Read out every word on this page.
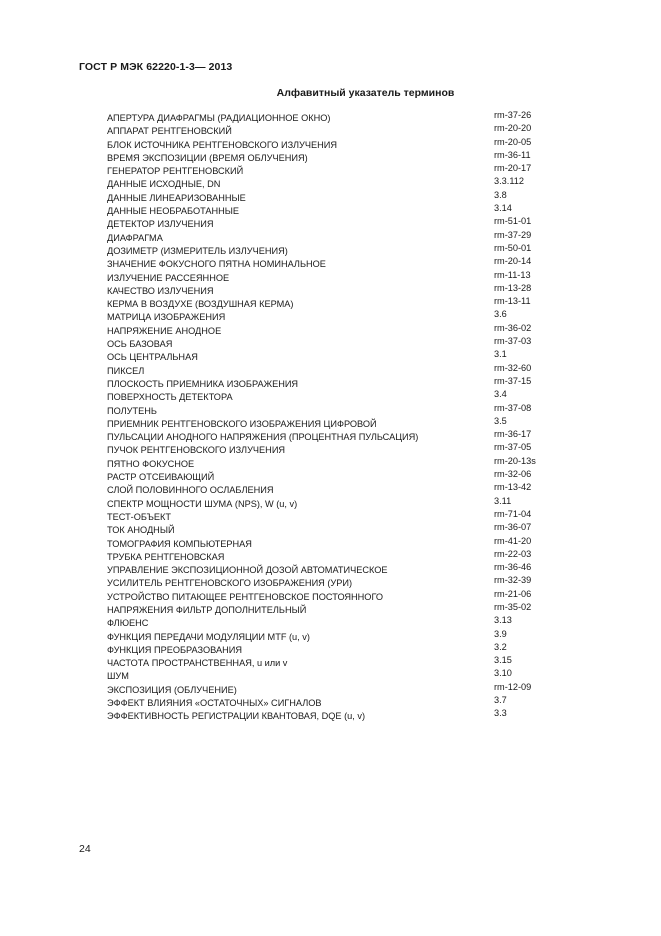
ГОСТ Р МЭК 62220-1-3— 2013
Алфавитный указатель терминов
АПЕРТУРА ДИАФРАГМЫ (РАДИАЦИОННОЕ ОКНО)	rm-37-26
АППАРАТ РЕНТГЕНОВСКИЙ	rm-20-20
БЛОК ИСТОЧНИКА РЕНТГЕНОВСКОГО ИЗЛУЧЕНИЯ	rm-20-05
ВРЕМЯ ЭКСПОЗИЦИИ (ВРЕМЯ ОБЛУЧЕНИЯ)	rm-36-11
ГЕНЕРАТОР РЕНТГЕНОВСКИЙ	rm-20-17
ДАННЫЕ ИСХОДНЫЕ, DN	3.3.112
ДАННЫЕ ЛИНЕАРИЗОВАННЫЕ	3.8
ДАННЫЕ НЕОБРАБОТАННЫЕ	3.14
ДЕТЕКТОР ИЗЛУЧЕНИЯ	rm-51-01
ДИАФРАГМА	rm-37-29
ДОЗИМЕТР (ИЗМЕРИТЕЛЬ ИЗЛУЧЕНИЯ)	rm-50-01
ЗНАЧЕНИЕ ФОКУСНОГО ПЯТНА НОМИНАЛЬНОЕ	rm-20-14
ИЗЛУЧЕНИЕ РАССЕЯННОЕ	rm-11-13
КАЧЕСТВО ИЗЛУЧЕНИЯ	rm-13-28
КЕРМА В ВОЗДУХЕ (ВОЗДУШНАЯ КЕРМА)	rm-13-11
МАТРИЦА ИЗОБРАЖЕНИЯ	3.6
НАПРЯЖЕНИЕ АНОДНОЕ	rm-36-02
ОСЬ БАЗОВАЯ	rm-37-03
ОСЬ ЦЕНТРАЛЬНАЯ	3.1
ПИКСЕЛ	rm-32-60
ПЛОСКОСТЬ ПРИЕМНИКА ИЗОБРАЖЕНИЯ	rm-37-15
ПОВЕРХНОСТЬ ДЕТЕКТОРА	3.4
ПОЛУТЕНЬ	rm-37-08
ПРИЕМНИК РЕНТГЕНОВСКОГО ИЗОБРАЖЕНИЯ ЦИФРОВОЙ	3.5
ПУЛЬСАЦИИ АНОДНОГО НАПРЯЖЕНИЯ (ПРОЦЕНТНАЯ ПУЛЬСАЦИЯ)	rm-36-17
ПУЧОК РЕНТГЕНОВСКОГО ИЗЛУЧЕНИЯ	rm-37-05
ПЯТНО ФОКУСНОЕ	rm-20-13s
РАСТР ОТСЕИВАЮЩИЙ	rm-32-06
СЛОЙ ПОЛОВИННОГО ОСЛАБЛЕНИЯ	rm-13-42
СПЕКТР МОЩНОСТИ ШУМА (NPS), W (u, v)	3.11
ТЕСТ-ОБЪЕКТ	rm-71-04
ТОК АНОДНЫЙ	rm-36-07
ТОМОГРАФИЯ КОМПЬЮТЕРНАЯ	rm-41-20
ТРУБКА РЕНТГЕНОВСКАЯ	rm-22-03
УПРАВЛЕНИЕ ЭКСПОЗИЦИОННОЙ ДОЗОЙ АВТОМАТИЧЕСКОЕ	rm-36-46
УСИЛИТЕЛЬ РЕНТГЕНОВСКОГО ИЗОБРАЖЕНИЯ (УРИ)	rm-32-39
УСТРОЙСТВО ПИТАЮЩЕЕ РЕНТГЕНОВСКОЕ ПОСТОЯННОГО	rm-21-06
НАПРЯЖЕНИЯ ФИЛЬТР ДОПОЛНИТЕЛЬНЫЙ	rm-35-02
ФЛЮЕНС	3.13
ФУНКЦИЯ ПЕРЕДАЧИ МОДУЛЯЦИИ MTF (u, v)	3.9
ФУНКЦИЯ ПРЕОБРАЗОВАНИЯ	3.2
ЧАСТОТА ПРОСТРАНСТВЕННАЯ, u или v	3.15
ШУМ	3.10
ЭКСПОЗИЦИЯ (ОБЛУЧЕНИЕ)	rm-12-09
ЭФФЕКТ ВЛИЯНИЯ «ОСТАТОЧНЫХ» СИГНАЛОВ	3.7
ЭФФЕКТИВНОСТЬ РЕГИСТРАЦИИ КВАНТОВАЯ, DQE (u, v)	3.3
24
